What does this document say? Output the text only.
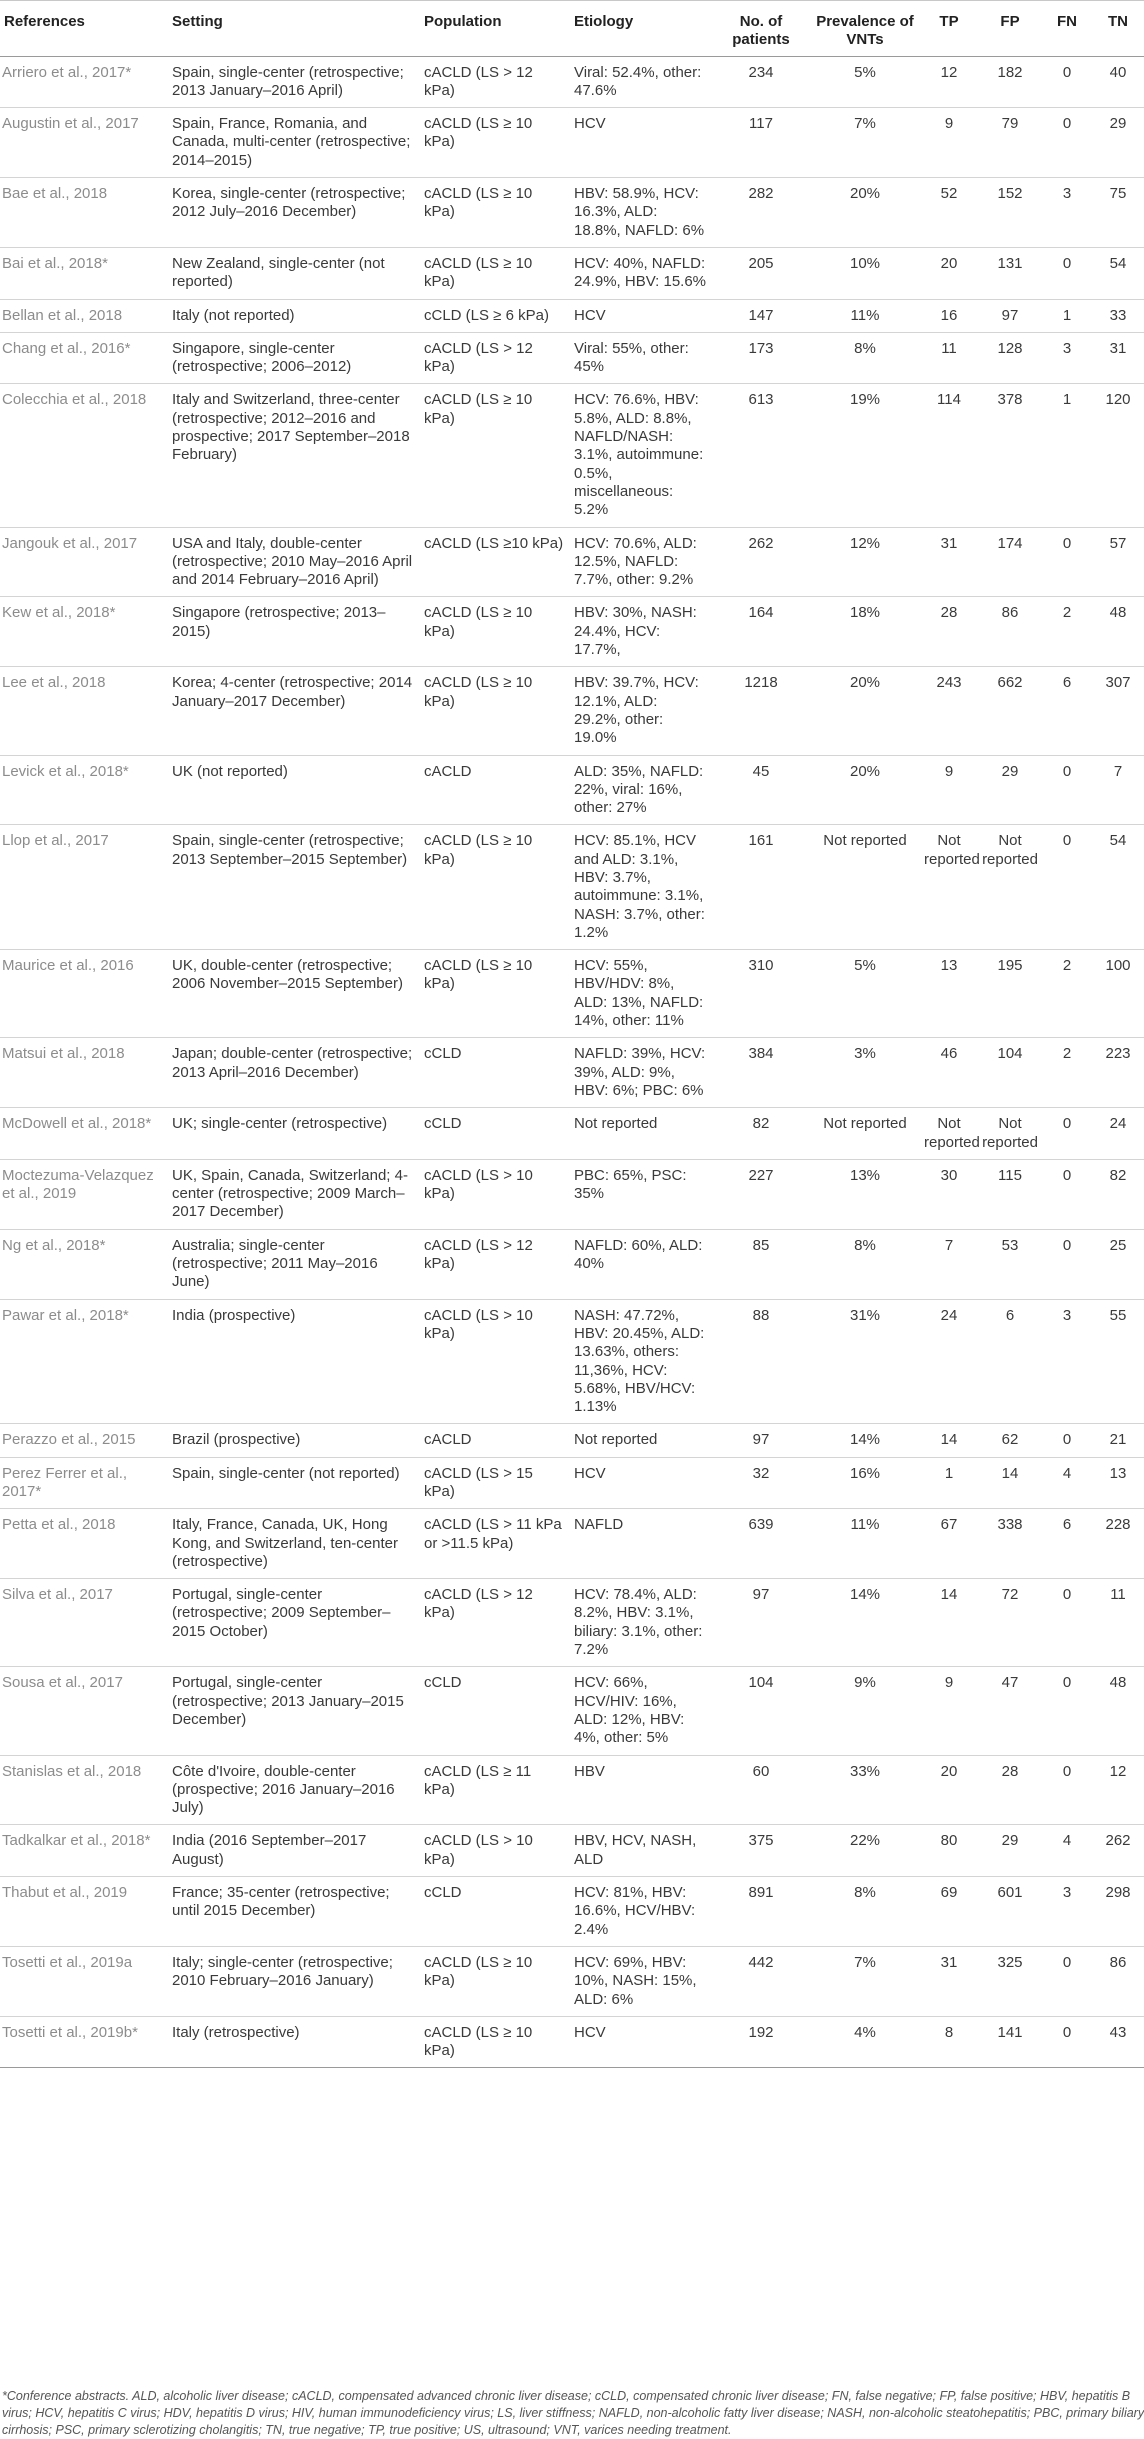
References	Setting	Population	Etiology	No. of patients	Prevalence of VNTs	TP	FP	FN	TN
Arriero et al., 2017*	Spain, single-center (retrospective; 2013 January–2016 April)	cACLD (LS > 12 kPa)	Viral: 52.4%, other: 47.6%	234	5%	12	182	0	40
Augustin et al., 2017	Spain, France, Romania, and Canada, multi-center (retrospective; 2014–2015)	cACLD (LS ≥ 10 kPa)	HCV	117	7%	9	79	0	29
Bae et al., 2018	Korea, single-center (retrospective; 2012 July–2016 December)	cACLD (LS ≥ 10 kPa)	HBV: 58.9%, HCV: 16.3%, ALD: 18.8%, NAFLD: 6%	282	20%	52	152	3	75
Bai et al., 2018*	New Zealand, single-center (not reported)	cACLD (LS ≥ 10 kPa)	HCV: 40%, NAFLD: 24.9%, HBV: 15.6%	205	10%	20	131	0	54
Bellan et al., 2018	Italy (not reported)	cCLD (LS ≥ 6 kPa)	HCV	147	11%	16	97	1	33
Chang et al., 2016*	Singapore, single-center (retrospective; 2006–2012)	cACLD (LS > 12 kPa)	Viral: 55%, other: 45%	173	8%	11	128	3	31
Colecchia et al., 2018	Italy and Switzerland, three-center (retrospective; 2012–2016 and prospective; 2017 September–2018 February)	cACLD (LS ≥ 10 kPa)	HCV: 76.6%, HBV: 5.8%, ALD: 8.8%, NAFLD/NASH: 3.1%, autoimmune: 0.5%, miscellaneous: 5.2%	613	19%	114	378	1	120
Jangouk et al., 2017	USA and Italy, double-center (retrospective; 2010 May–2016 April and 2014 February–2016 April)	cACLD (LS ≥10 kPa)	HCV: 70.6%, ALD: 12.5%, NAFLD: 7.7%, other: 9.2%	262	12%	31	174	0	57
Kew et al., 2018*	Singapore (retrospective; 2013–2015)	cACLD (LS ≥ 10 kPa)	HBV: 30%, NASH: 24.4%, HCV: 17.7%,	164	18%	28	86	2	48
Lee et al., 2018	Korea; 4-center (retrospective; 2014 January–2017 December)	cACLD (LS ≥ 10 kPa)	HBV: 39.7%, HCV: 12.1%, ALD: 29.2%, other: 19.0%	1218	20%	243	662	6	307
Levick et al., 2018*	UK (not reported)	cACLD	ALD: 35%, NAFLD: 22%, viral: 16%, other: 27%	45	20%	9	29	0	7
Llop et al., 2017	Spain, single-center (retrospective; 2013 September–2015 September)	cACLD (LS ≥ 10 kPa)	HCV: 85.1%, HCV and ALD: 3.1%, HBV: 3.7%, autoimmune: 3.1%, NASH: 3.7%, other: 1.2%	161	Not reported	Not reported	Not reported	0	54
Maurice et al., 2016	UK, double-center (retrospective; 2006 November–2015 September)	cACLD (LS ≥ 10 kPa)	HCV: 55%, HBV/HDV: 8%, ALD: 13%, NAFLD: 14%, other: 11%	310	5%	13	195	2	100
Matsui et al., 2018	Japan; double-center (retrospective; 2013 April–2016 December)	cCLD	NAFLD: 39%, HCV: 39%, ALD: 9%, HBV: 6%; PBC: 6%	384	3%	46	104	2	223
McDowell et al., 2018*	UK; single-center (retrospective)	cCLD	Not reported	82	Not reported	Not reported	Not reported	0	24
Moctezuma-Velazquez et al., 2019	UK, Spain, Canada, Switzerland; 4-center (retrospective; 2009 March–2017 December)	cACLD (LS > 10 kPa)	PBC: 65%, PSC: 35%	227	13%	30	115	0	82
Ng et al., 2018*	Australia; single-center (retrospective; 2011 May–2016 June)	cACLD (LS > 12 kPa)	NAFLD: 60%, ALD: 40%	85	8%	7	53	0	25
Pawar et al., 2018*	India (prospective)	cACLD (LS > 10 kPa)	NASH: 47.72%, HBV: 20.45%, ALD: 13.63%, others: 11,36%, HCV: 5.68%, HBV/HCV: 1.13%	88	31%	24	6	3	55
Perazzo et al., 2015	Brazil (prospective)	cACLD	Not reported	97	14%	14	62	0	21
Perez Ferrer et al., 2017*	Spain, single-center (not reported)	cACLD (LS > 15 kPa)	HCV	32	16%	1	14	4	13
Petta et al., 2018	Italy, France, Canada, UK, Hong Kong, and Switzerland, ten-center (retrospective)	cACLD (LS > 11 kPa or >11.5 kPa)	NAFLD	639	11%	67	338	6	228
Silva et al., 2017	Portugal, single-center (retrospective; 2009 September–2015 October)	cACLD (LS > 12 kPa)	HCV: 78.4%, ALD: 8.2%, HBV: 3.1%, biliary: 3.1%, other: 7.2%	97	14%	14	72	0	11
Sousa et al., 2017	Portugal, single-center (retrospective; 2013 January–2015 December)	cCLD	HCV: 66%, HCV/HIV: 16%, ALD: 12%, HBV: 4%, other: 5%	104	9%	9	47	0	48
Stanislas et al., 2018	Côte d'Ivoire, double-center (prospective; 2016 January–2016 July)	cACLD (LS ≥ 11 kPa)	HBV	60	33%	20	28	0	12
Tadkalkar et al., 2018*	India (2016 September–2017 August)	cACLD (LS > 10 kPa)	HBV, HCV, NASH, ALD	375	22%	80	29	4	262
Thabut et al., 2019	France; 35-center (retrospective; until 2015 December)	cCLD	HCV: 81%, HBV: 16.6%, HCV/HBV: 2.4%	891	8%	69	601	3	298
Tosetti et al., 2019a	Italy; single-center (retrospective; 2010 February–2016 January)	cACLD (LS ≥ 10 kPa)	HCV: 69%, HBV: 10%, NASH: 15%, ALD: 6%	442	7%	31	325	0	86
Tosetti et al., 2019b*	Italy (retrospective)	cACLD (LS ≥ 10 kPa)	HCV	192	4%	8	141	0	43
*Conference abstracts. ALD, alcoholic liver disease; cACLD, compensated advanced chronic liver disease; cCLD, compensated chronic liver disease; FN, false negative; FP, false positive; HBV, hepatitis B virus; HCV, hepatitis C virus; HDV, hepatitis D virus; HIV, human immunodeficiency virus; LS, liver stiffness; NAFLD, non-alcoholic fatty liver disease; NASH, non-alcoholic steatohepatitis; PBC, primary biliary cirrhosis; PSC, primary sclerotizing cholangitis; TN, true negative; TP, true positive; US, ultrasound; VNT, varices needing treatment.
